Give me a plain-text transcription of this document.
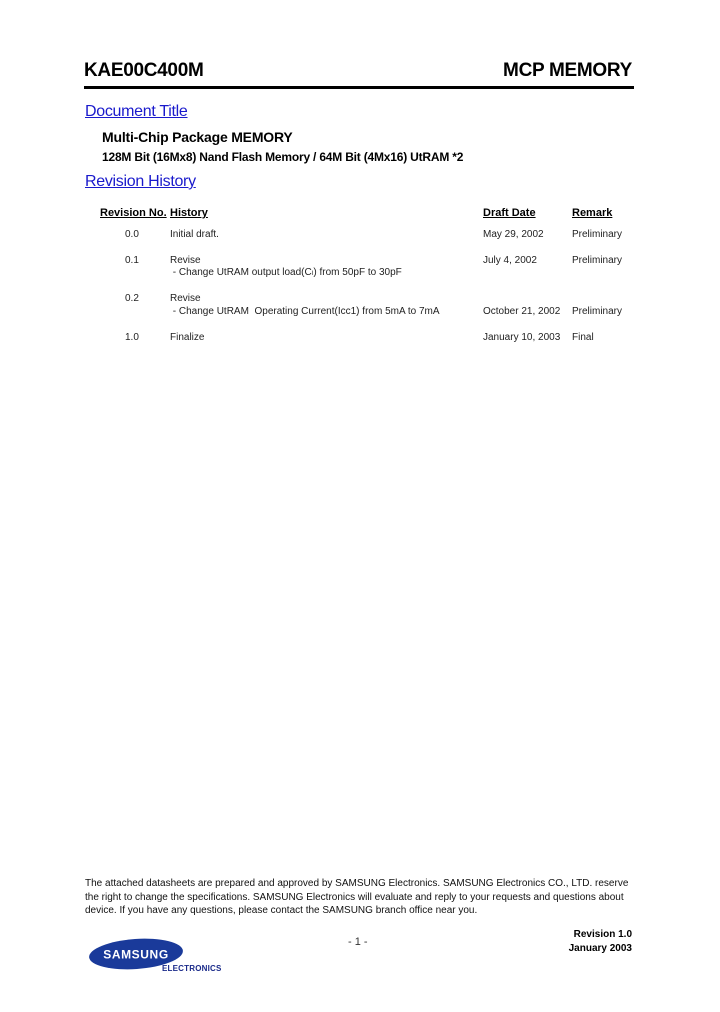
KAE00C400M	MCP MEMORY
Document Title
Multi-Chip Package MEMORY
128M Bit (16Mx8) Nand Flash Memory / 64M Bit (4Mx16) UtRAM *2
Revision History
Revision No. History	Draft Date	Remark
0.0	Initial draft.	May 29, 2002	Preliminary
0.1	Revise
- Change UtRAM output load(Cₗ) from 50pF to 30pF
July 4, 2002	Preliminary
0.2	Revise
- Change UtRAM  Operating Current(Icc1) from 5mA to 7mA	October 21, 2002 Preliminary
1.0	Finalize	January 10, 2003 Final
The attached datasheets are prepared and approved by SAMSUNG Electronics. SAMSUNG Electronics CO., LTD. reserve the right to change the specifications. SAMSUNG Electronics will evaluate and reply to your requests and questions about device. If you have any questions, please contact the SAMSUNG branch office near you.
- 1 -
Revision 1.0
January 2003
SAMSUNG
ELECTRONICS
